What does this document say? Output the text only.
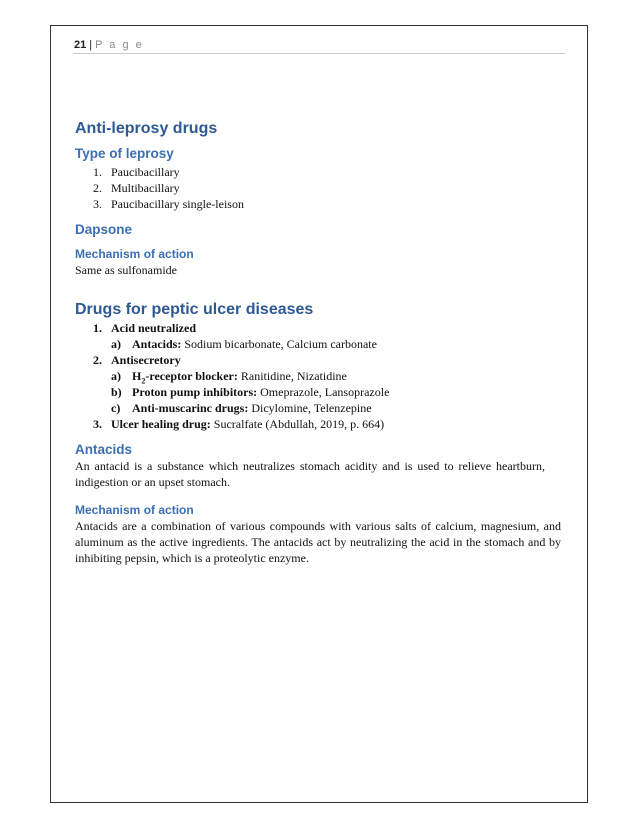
21 | P a g e
Anti-leprosy drugs
Type of leprosy
1. Paucibacillary
2. Multibacillary
3. Paucibacillary single-leison
Dapsone
Mechanism of action

Same as sulfonamide

Drugs for peptic ulcer diseases
1. Acid neutralized
a) Antacids: Sodium bicarbonate, Calcium carbonate
2. Antisecretory
a) $H_2$-receptor blocker: Ranitidine, Nizatidine
b) Proton pump inhibitors: Omeprazole, Lansoprazole
c) Anti-muscarinc drugs: Dicylomine, Telenzepine
3. Ulcer healing drug: Sucralfate (Abdullah, 2019, p. 664)
Antacids

An antacid is a substance which neutralizes stomach acidity and is used to relieve heartburn, indigestion or an upset stomach.

Mechanism of action

Antacids are a combination of various compounds with various salts of calcium, magnesium, and aluminum as the active ingredients. The antacids act by neutralizing the acid in the stomach and by inhibiting pepsin, which is a proteolytic enzyme.
